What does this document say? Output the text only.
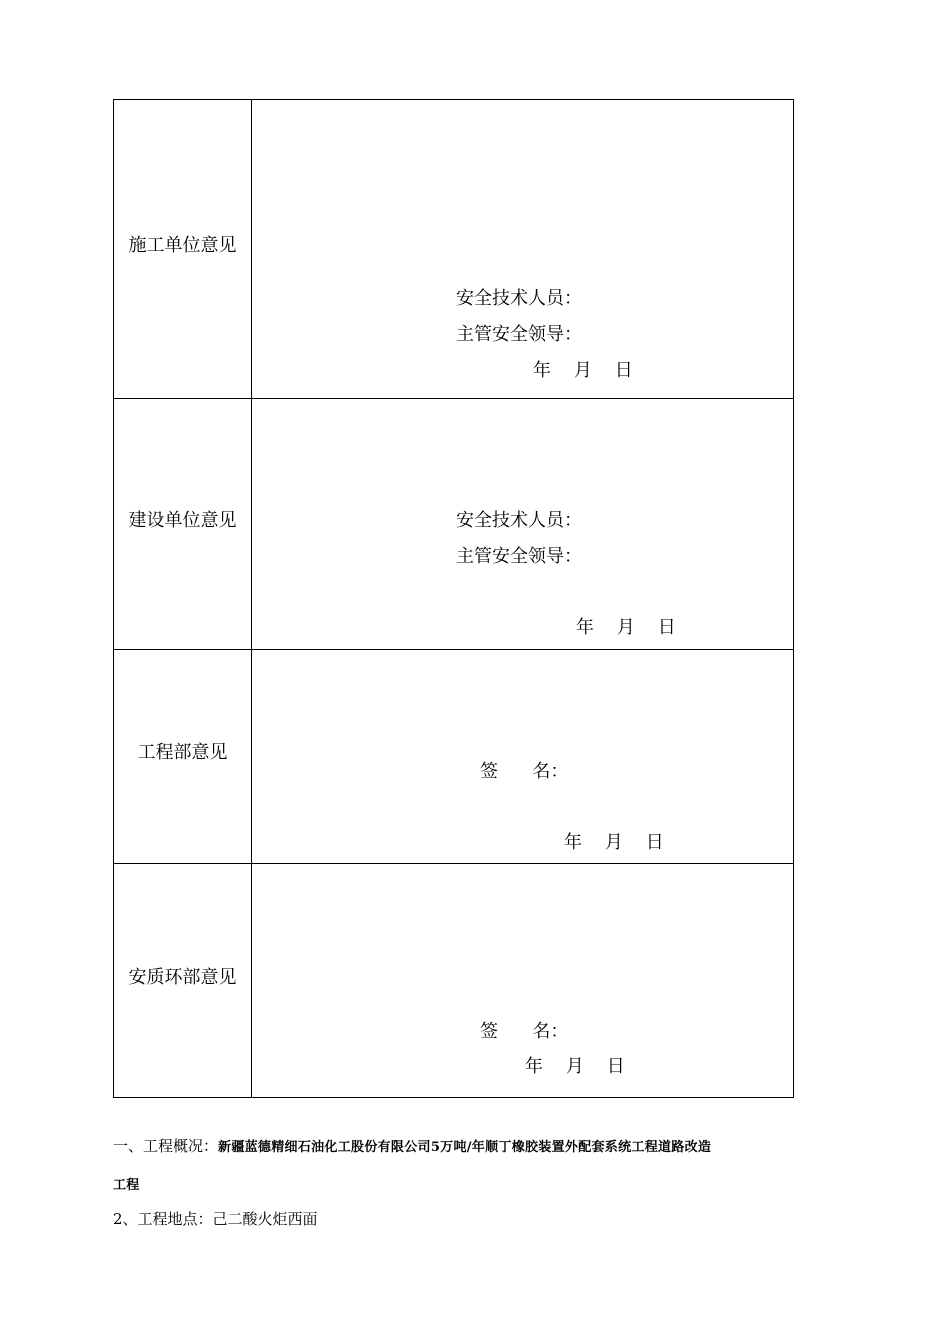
施工单位意见
安全技术人员：
主管安全领导：
年    月    日
建设单位意见	安全技术人员：
主管安全领导：
年    月    日
工程部意见
签      名：
年    月    日
安质环部意见
签      名：
年    月    日
一、工程概况：新疆蓝德精细石油化工股份有限公司5万吨/年顺丁橡胶装置外配套系统工程道路改造
工程
2、工程地点：己二酸火炬西面
